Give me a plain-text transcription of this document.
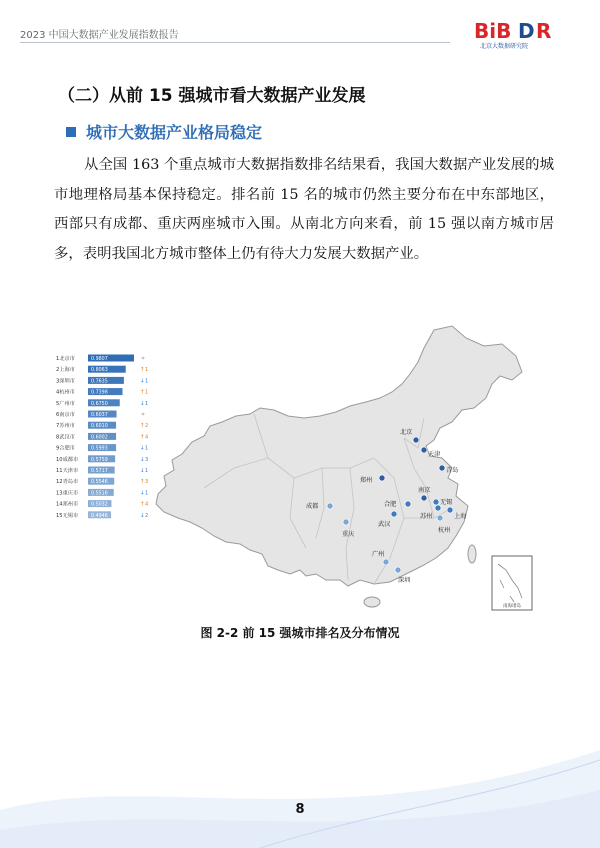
2023 中国大数据产业发展指数报告	BiB D R
北京大数据研究院
（二）从前 15 强城市看大数据产业发展
城市大数据产业格局稳定
从全国 163 个重点城市大数据指数排名结果看，我国大数据产业发展的城市地理格局基本保持稳定。排名前 15 名的城市仍然主要分布在中东部地区，西部只有成都、重庆两座城市入围。从南北方向来看，前 15 强以南方城市居多，表明我国北方城市整体上仍有待大力发展大数据产业。
1北京市	0.9807
2上海市	0.8063	↑ 1
3深圳市	0.7635	↓ 1
4杭州市	0.7398	↑ 1
5广州市	0.6750	↓ 1
6南京市	0.6037
7苏州市	0.6010	↑ 2
8武汉市	0.6002	↑ 4
9合肥市	0.5993	↓ 1
10成都市	0.5759	↓ 3
11天津市	0.5717	↓ 1
12青岛市	0.5546	↑ 3
13重庆市	0.5516	↓ 1
14郑州市	0.5032	↑ 4
15无锡市	0.4946	↓ 2
南海诸岛
北京
天津
青岛
郑州
南京
无锡
合肥
苏州	上海
武汉
杭州
成都
重庆
广州
深圳
图 2-2 前 15 强城市排名及分布情况
8
